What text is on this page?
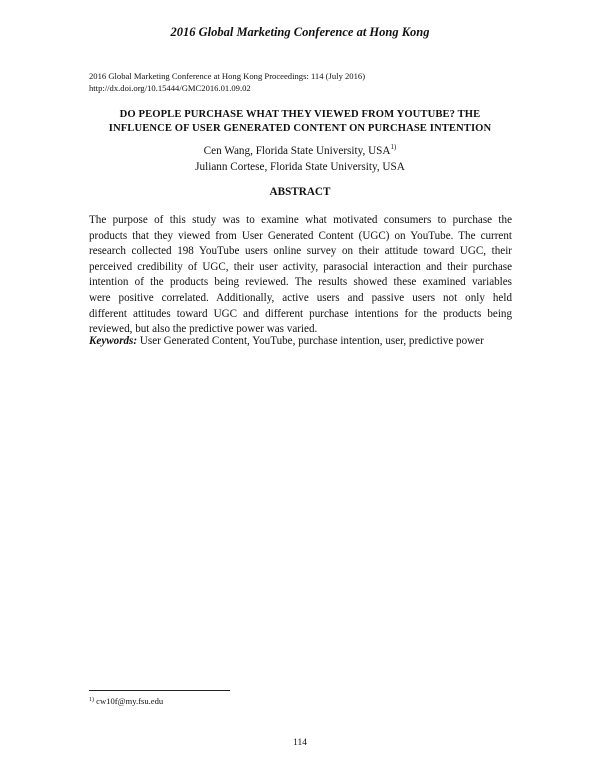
2016 Global Marketing Conference at Hong Kong
2016 Global Marketing Conference at Hong Kong Proceedings: 114 (July 2016)
http://dx.doi.org/10.15444/GMC2016.01.09.02
DO PEOPLE PURCHASE WHAT THEY VIEWED FROM YOUTUBE? THE
INFLUENCE OF USER GENERATED CONTENT ON PURCHASE INTENTION
Cen Wang, Florida State University, USA$^{1)}$
Juliann Cortese, Florida State University, USA
ABSTRACT
The purpose of this study was to examine what motivated consumers to purchase the
products that they viewed from User Generated Content (UGC) on YouTube. The current
research collected 198 YouTube users online survey on their attitude toward UGC, their
perceived credibility of UGC, their user activity, parasocial interaction and their purchase
intention of the products being reviewed. The results showed these examined variables
were positive correlated. Additionally, active users and passive users not only held
different attitudes toward UGC and different purchase intentions for the products being
reviewed, but also the predictive power was varied.
Keywords: User Generated Content, YouTube, purchase intention, user, predictive power
$^{1)}$ cw10f@my.fsu.edu
114
